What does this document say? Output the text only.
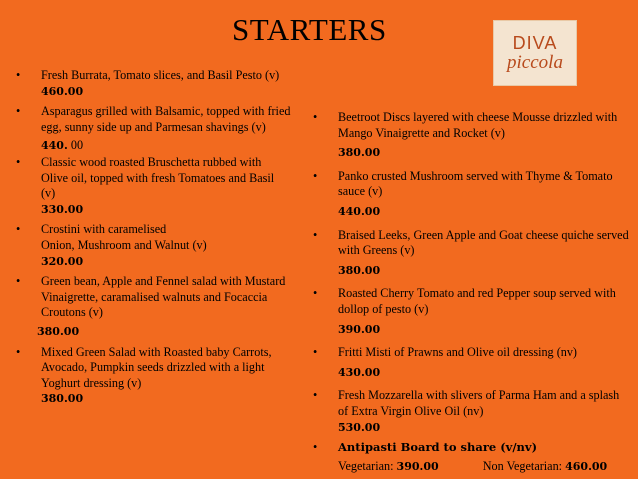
STARTERS	DIVA
piccola
• Fresh Burrata, Tomato slices, and Basil Pesto (v)
460.00
• Asparagus grilled with Balsamic, topped with fried egg, sunny side up and Parmesan shavings (v)
440. 00
• Classic wood roasted Bruschetta rubbed with Olive oil, topped with fresh Tomatoes and Basil (v)
330.00
• Crostini with caramelised
Onion, Mushroom and Walnut (v)
320.00
• Green bean, Apple and Fennel salad with Mustard Vinaigrette, caramalised walnuts and Focaccia Croutons (v)
380.00
• Mixed Green Salad with Roasted baby Carrots, Avocado, Pumpkin seeds drizzled with a light Yoghurt dressing (v)
380.00
• Beetroot Discs layered with cheese Mousse drizzled with Mango Vinaigrette and Rocket (v)
380.00
• Panko crusted Mushroom served with Thyme & Tomato sauce (v)
440.00
• Braised Leeks, Green Apple and Goat cheese quiche served with Greens (v)
380.00
• Roasted Cherry Tomato and red Pepper soup served with dollop of pesto (v)
390.00
• Fritti Misti of Prawns and Olive oil dressing (nv)
430.00
• Fresh Mozzarella with slivers of Parma Ham and a splash of Extra Virgin Olive Oil (nv)
530.00
• Antipasti Board to share (v/nv)
Vegetarian: 390.00	Non Vegetarian: 460.00
